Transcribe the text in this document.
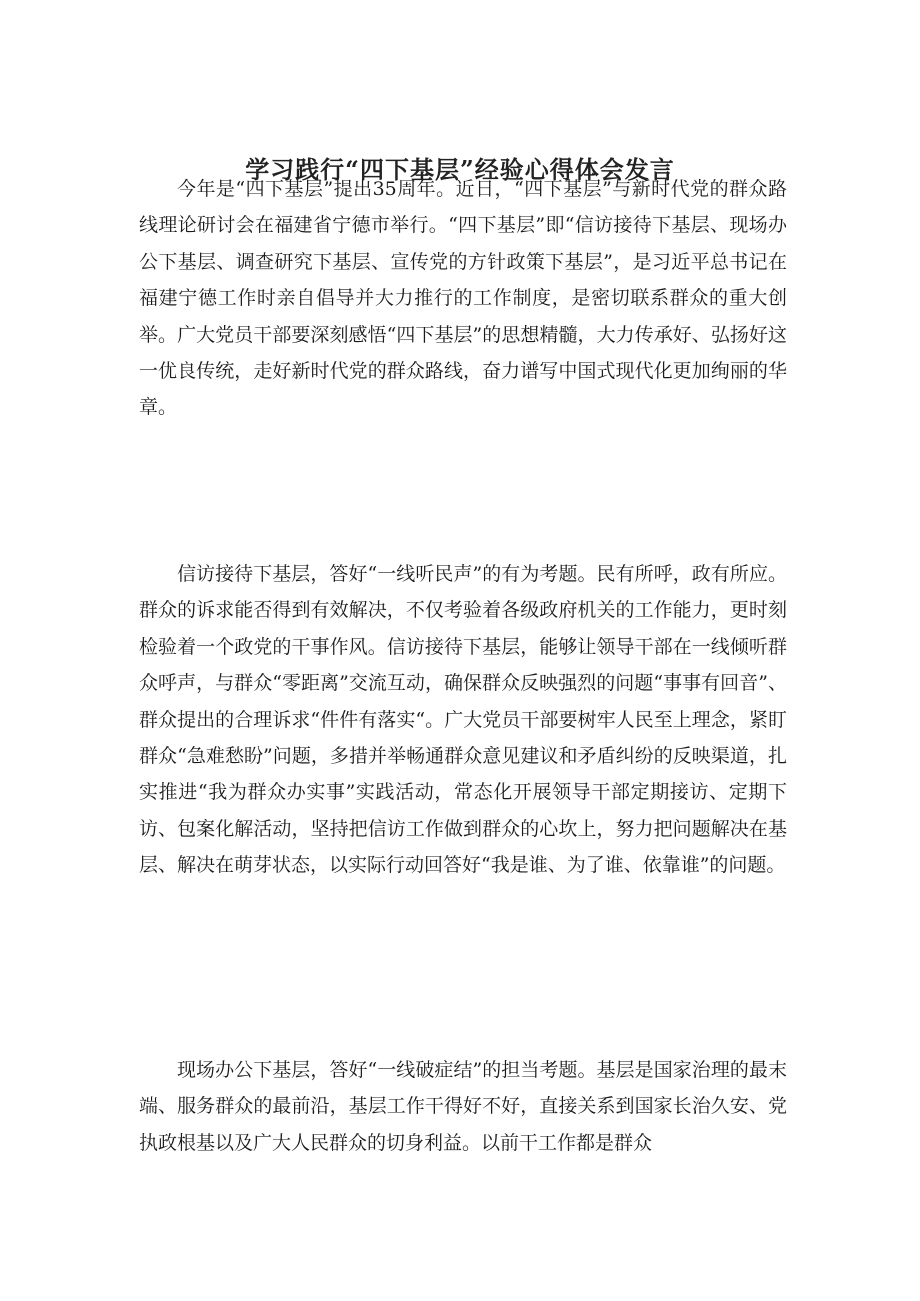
学习践行“四下基层”经验心得体会发言

今年是“四下基层”提出35周年。近日，“四下基层”与新时代党的群众路线理论研讨会在福建省宁德市举行。“四下基层”即“信访接待下基层、现场办公下基层、调查研究下基层、宣传党的方针政策下基层”，是习近平总书记在福建宁德工作时亲自倡导并大力推行的工作制度，是密切联系群众的重大创举。广大党员干部要深刻感悟“四下基层”的思想精髓，大力传承好、弘扬好这一优良传统，走好新时代党的群众路线，奋力谱写中国式现代化更加绚丽的华章。

信访接待下基层，答好“一线听民声”的有为考题。民有所呼，政有所应。群众的诉求能否得到有效解决，不仅考验着各级政府机关的工作能力，更时刻检验着一个政党的干事作风。信访接待下基层，能够让领导干部在一线倾听群众呼声，与群众“零距离”交流互动，确保群众反映强烈的问题“事事有回音”、群众提出的合理诉求“件件有落实“。广大党员干部要树牢人民至上理念，紧盯群众“急难愁盼”问题，多措并举畅通群众意见建议和矛盾纠纷的反映渠道，扎实推进“我为群众办实事”实践活动，常态化开展领导干部定期接访、定期下访、包案化解活动，坚持把信访工作做到群众的心坎上，努力把问题解决在基层、解决在萌芽状态，以实际行动回答好“我是谁、为了谁、依靠谁”的问题。

现场办公下基层，答好“一线破症结”的担当考题。基层是国家治理的最末端、服务群众的最前沿，基层工作干得好不好，直接关系到国家长治久安、党执政根基以及广大人民群众的切身利益。以前干工作都是群众
